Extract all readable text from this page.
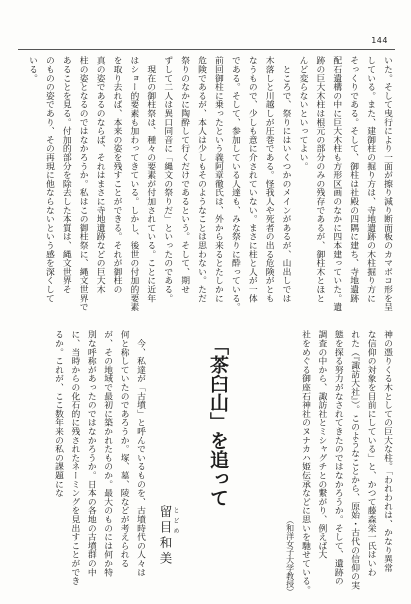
144
いた。そして曳行により一面が擦り減り断面板のカマボコ形を呈
している。また、建御柱の掘り方は、寺地遺跡の木柱掘り方に
そっくりである。そして、御柱は社殿の四隅に建ち、寺地遺跡
配石遺構の中に巨大木柱も方形区画のなかに四本建っていた。遺
跡の巨大木柱は根元の部分のみの残存であるが、御柱木とほと
んど変らないといってよい。
　ところで、祭りにはいくつかのメインがあるが、山出しでは
木落しと川越しが圧巻である。怪我人や死者の出る危険がとも
なうもので、少しも意に介されていない。まさに柱と人が一体
である。そして、参加している人達も、みな祭りに酔っている。
前回御柱に乗ったという義阿章徹氏は、外から来るとたしかに
危険であるが、本人は少しもそのようなことは思わない。ただ
祭りのなかに陶酔して行くだけであるという。そして、期せ
ずして二人は異口同音に「縄文の祭りだ」といったのである。
　現在の御柱祭は、種々の要素が付加されている。ことに近年
はショー的要素も加わってきている。しかし、後世の付加的要素
を取り去れば、本来の姿を残すことができる。それが御柱の
真の姿であるのならば、それはまさに寺地遺跡などの巨大木
柱の姿となるのではなかろうか。私はこの御柱祭に、縄文世界で
あることを見る。付加的部分を除去した本質は、縄文世界そ
のものの姿であり、その再現に他ならないという感を深くして
いる。
神の憑りくる木としての巨大な柱。「われわれは、かなり異常
な信仰の対象を目前にしている」と、かつて藤森栄一氏はいわ
れた（『諏訪大社』）。このようなことから、原始・古代の信仰の実
態を探る努力がなされてきたのではなかろうか。そして、遺跡の
調査の中から、諏訪社とミシャグチとの繋がり、例えば大
社をめぐる御座石神社のヌナカハ姫伝承などに思いを馳せている。
（和洋女子大学教授）
「茶臼山」を追って
留目 とどめ和美
　今、私達が「古墳」と呼んでいるものを、古墳時代の人々は
何と称していたのであろうか。塚、墓、陵などが考えられる
が、その地域で最初に築かれたものか。最大のものには何か特
別な呼称があったのではなかろうか。日本の各地の古墳群の中
に、当時からの化石的に残されたネーミングを見出すことができ
るか。これが、ここ数年来の私の課題にな
